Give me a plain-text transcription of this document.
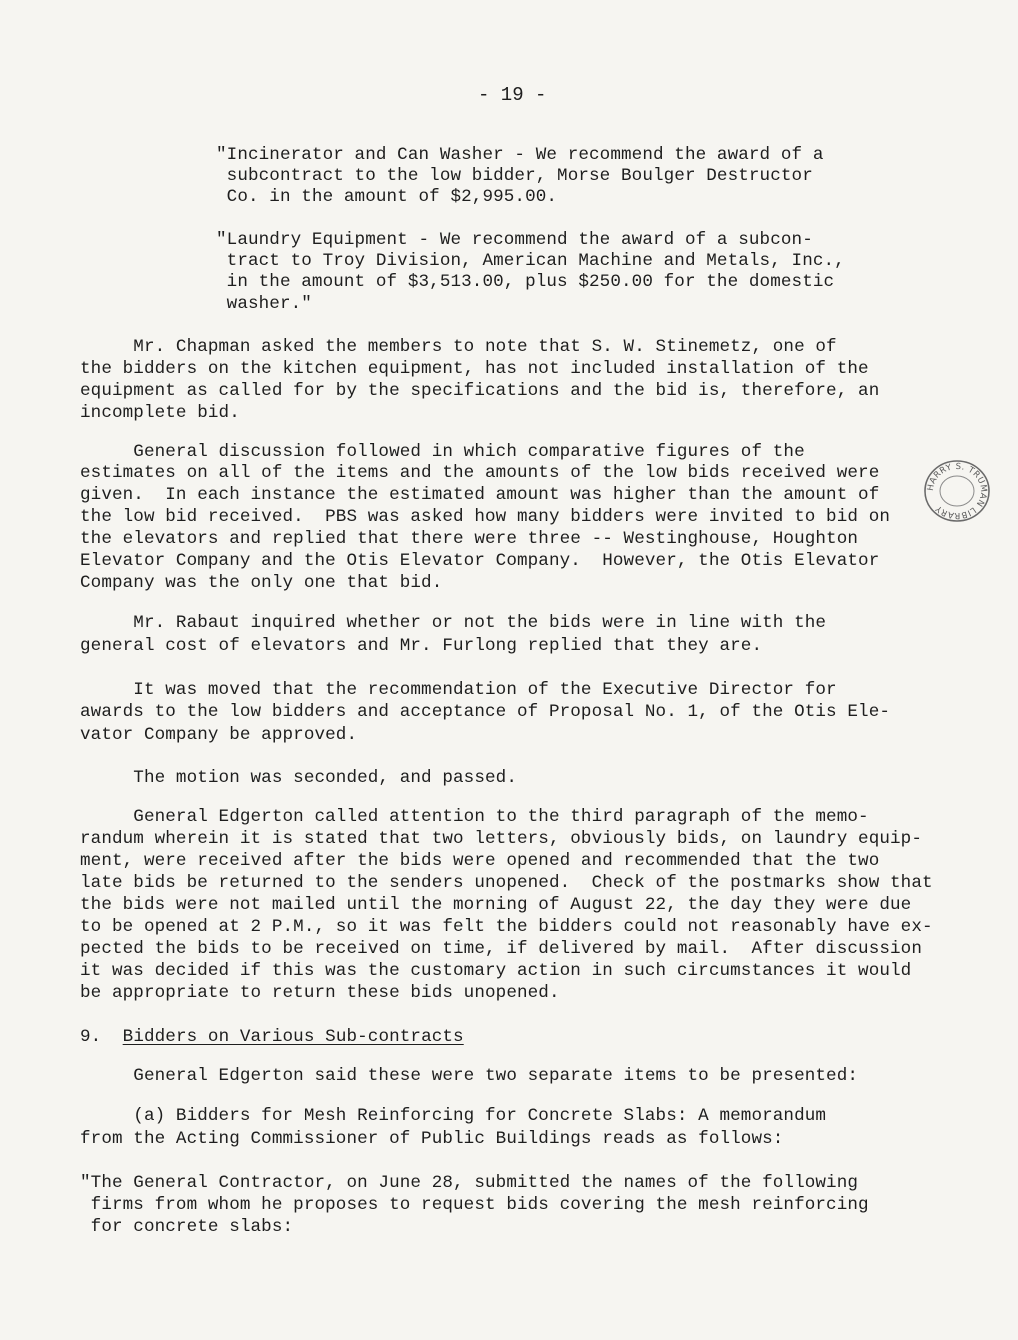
- 19 -
"Incinerator and Can Washer - We recommend the award of a
subcontract to the low bidder, Morse Boulger Destructor
Co. in the amount of $2,995.00.
"Laundry Equipment - We recommend the award of a subcon-
tract to Troy Division, American Machine and Metals, Inc.,
in the amount of $3,513.00, plus $250.00 for the domestic
washer."
Mr. Chapman asked the members to note that S. W. Stinemetz, one of
the bidders on the kitchen equipment, has not included installation of the
equipment as called for by the specifications and the bid is, therefore, an
incomplete bid.
General discussion followed in which comparative figures of the
estimates on all of the items and the amounts of the low bids received were
given.  In each instance the estimated amount was higher than the amount of
the low bid received.  PBS was asked how many bidders were invited to bid on
the elevators and replied that there were three -- Westinghouse, Houghton
Elevator Company and the Otis Elevator Company.  However, the Otis Elevator
Company was the only one that bid.
Mr. Rabaut inquired whether or not the bids were in line with the
general cost of elevators and Mr. Furlong replied that they are.
It was moved that the recommendation of the Executive Director for
awards to the low bidders and acceptance of Proposal No. 1, of the Otis Ele-
vator Company be approved.
The motion was seconded, and passed.
General Edgerton called attention to the third paragraph of the memo-
randum wherein it is stated that two letters, obviously bids, on laundry equip-
ment, were received after the bids were opened and recommended that the two
late bids be returned to the senders unopened.  Check of the postmarks show that
the bids were not mailed until the morning of August 22, the day they were due
to be opened at 2 P.M., so it was felt the bidders could not reasonably have ex-
pected the bids to be received on time, if delivered by mail.  After discussion
it was decided if this was the customary action in such circumstances it would
be appropriate to return these bids unopened.
9. Bidders on Various Sub-contracts
General Edgerton said these were two separate items to be presented:
(a) Bidders for Mesh Reinforcing for Concrete Slabs: A memorandum
from the Acting Commissioner of Public Buildings reads as follows:
"The General Contractor, on June 28, submitted the names of the following
firms from whom he proposes to request bids covering the mesh reinforcing
for concrete slabs:
HARRY S. TRUMAN LIBRARY
